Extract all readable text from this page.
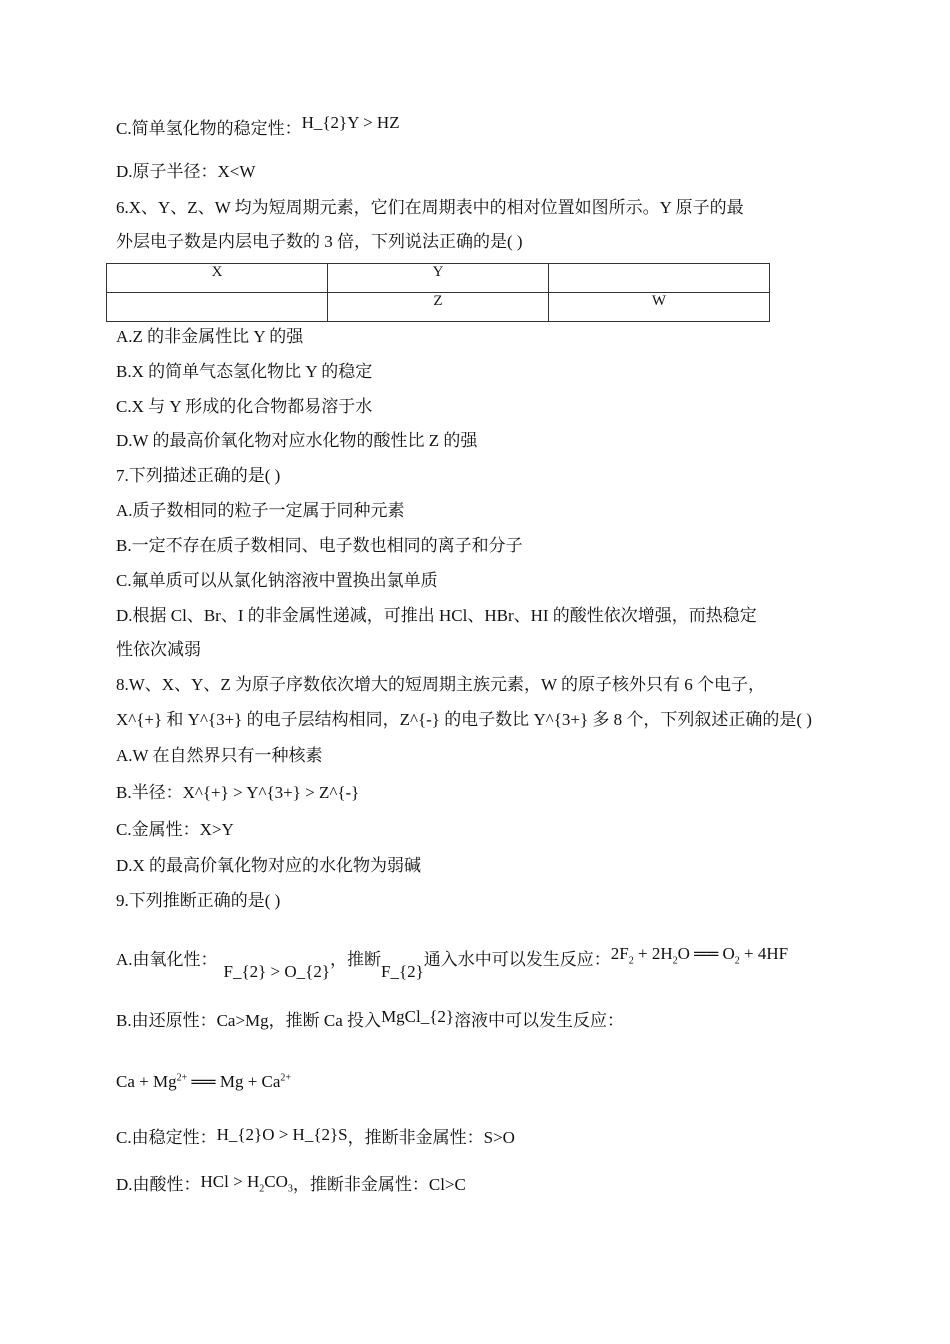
C.简单氢化物的稳定性：H_{2}Y > HZ
D.原子半径：X<W
6.X、Y、Z、W 均为短周期元素，它们在周期表中的相对位置如图所示。Y 原子的最
外层电子数是内层电子数的 3 倍，下列说法正确的是( )
X	Y	
	Z	W
A.Z 的非金属性比 Y 的强
B.X 的简单气态氢化物比 Y 的稳定
C.X 与 Y 形成的化合物都易溶于水
D.W 的最高价氧化物对应水化物的酸性比 Z 的强
7.下列描述正确的是( )
A.质子数相同的粒子一定属于同种元素
B.一定不存在质子数相同、电子数也相同的离子和分子
C.氟单质可以从氯化钠溶液中置换出氯单质
D.根据 Cl、Br、I 的非金属性递减，可推出 HCl、HBr、HI 的酸性依次增强，而热稳定
性依次减弱
8.W、X、Y、Z 为原子序数依次增大的短周期主族元素，W 的原子核外只有 6 个电子，
X^{+} 和 Y^{3+} 的电子层结构相同，Z^{-} 的电子数比 Y^{3+} 多 8 个，下列叙述正确的是( )
A.W 在自然界只有一种核素
B.半径：X^{+} > Y^{3+} > Z^{-}
C.金属性：X>Y
D.X 的最高价氧化物对应的水化物为弱碱
9.下列推断正确的是( )
A.由氧化性：F_{2} > O_{2}，推断F_{2}通入水中可以发生反应：$2F_2 + 2H_2O$ ══ $O_2 + 4HF$
B.由还原性：Ca>Mg，推断 Ca 投入MgCl_{2}溶液中可以发生反应：
$Ca + Mg^{2+}$ ══ $Mg + Ca^{2+}$
C.由稳定性：H_{2}O > H_{2}S，推断非金属性：S>O
D.由酸性：HCl > $H_2CO_3$，推断非金属性：Cl>C
